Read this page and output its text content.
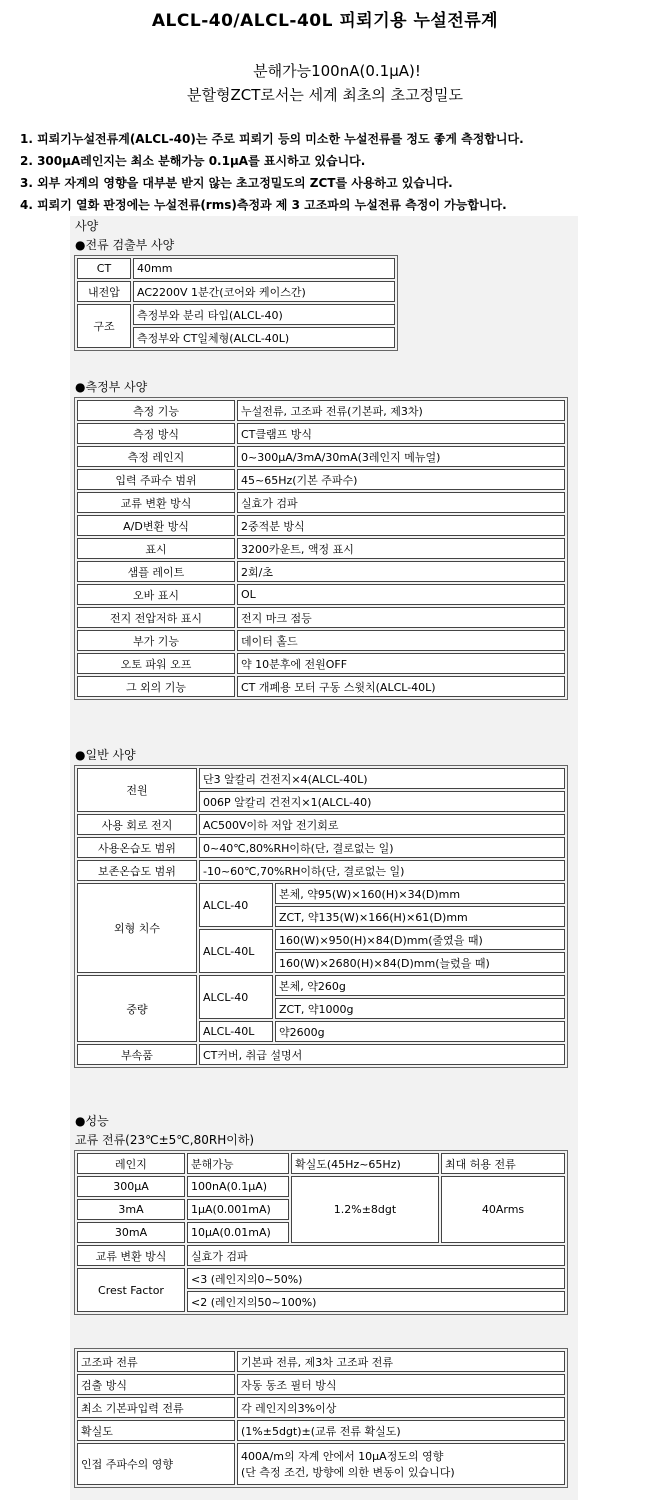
ALCL-40/ALCL-40L 피뢰기용 누설전류계
분해가능100nA(0.1μA)!
분할형ZCT로서는 세계 최초의 초고정밀도
1. 피뢰기누설전류계(ALCL-40)는 주로 피뢰기 등의 미소한 누설전류를 정도 좋게 측정합니다.
2. 300μA레인지는 최소 분해가능 0.1μA를 표시하고 있습니다.
3. 외부 자계의 영향을 대부분 받지 않는 초고정밀도의 ZCT를 사용하고 있습니다.
4. 피뢰기 열화 판정에는 누설전류(rms)측정과 제 3 고조파의 누설전류 측정이 가능합니다.
사양
●전류 검출부 사양
CT	40mm
내전압	AC2200V 1분간(코어와 케이스간)
구조	측정부와 분리 타입(ALCL-40)
	측정부와 CT일체형(ALCL-40L)
●측정부 사양
측정 기능	누설전류, 고조파 전류(기본파, 제3차)
측정 방식	CT클램프 방식
측정 레인지	0~300μA/3mA/30mA(3레인지 메뉴얼)
입력 주파수 범위	45~65Hz(기본 주파수)
교류 변환 방식	실효가 검파
A/D변환 방식	2중적분 방식
표시	3200카운트, 액정 표시
샘플 레이트	2회/초
오바 표시	OL
전지 전압저하 표시	전지 마크 점등
부가 기능	데이터 홀드
오토 파워 오프	약 10분후에 전원OFF
그 외의 기능	CT 개폐용 모터 구동 스윗치(ALCL-40L)
●일반 사양
전원	단3 알칼리 건전지×4(ALCL-40L)	
	006P 알칼리 건전지×1(ALCL-40)	
사용 회로 전지	AC500V이하 저압 전기회로	
사용온습도 범위	0~40℃,80%RH이하(단, 결로없는 일)	
보존온습도 범위	-10~60℃,70%RH이하(단, 결로없는 일)	
외형 치수	ALCL-40	본체, 약95(W)×160(H)×34(D)mm
		ZCT, 약135(W)×166(H)×61(D)mm
	ALCL-40L	160(W)×950(H)×84(D)mm(줄였을 때)
		160(W)×2680(H)×84(D)mm(늘렸을 때)
중량	ALCL-40	본체, 약260g
		ZCT, 약1000g
	ALCL-40L	약2600g
부속품	CT커버, 취급 설명서	
●성능
교류 전류(23℃±5℃,80RH이하)
레인지	분해가능	확실도(45Hz~65Hz)	최대 허용 전류
300μA	100nA(0.1μA)	1.2%±8dgt	40Arms
3mA	1μA(0.001mA)		
30mA	10μA(0.01mA)		
교류 변환 방식	실효가 검파		
Crest Factor	<3 (레인지의0~50%)		
	<2 (레인지의50~100%)		
고조파 전류	기본파 전류, 제3차 고조파 전류
검출 방식	자동 동조 필터 방식
최소 기본파입력 전류	각 레인지의3%이상
확실도	(1%±5dgt)±(교류 전류 확실도)
인접 주파수의 영향	400A/m의 자계 안에서 10μA정도의 영향
(단 측정 조건, 방향에 의한 변동이 있습니다)
